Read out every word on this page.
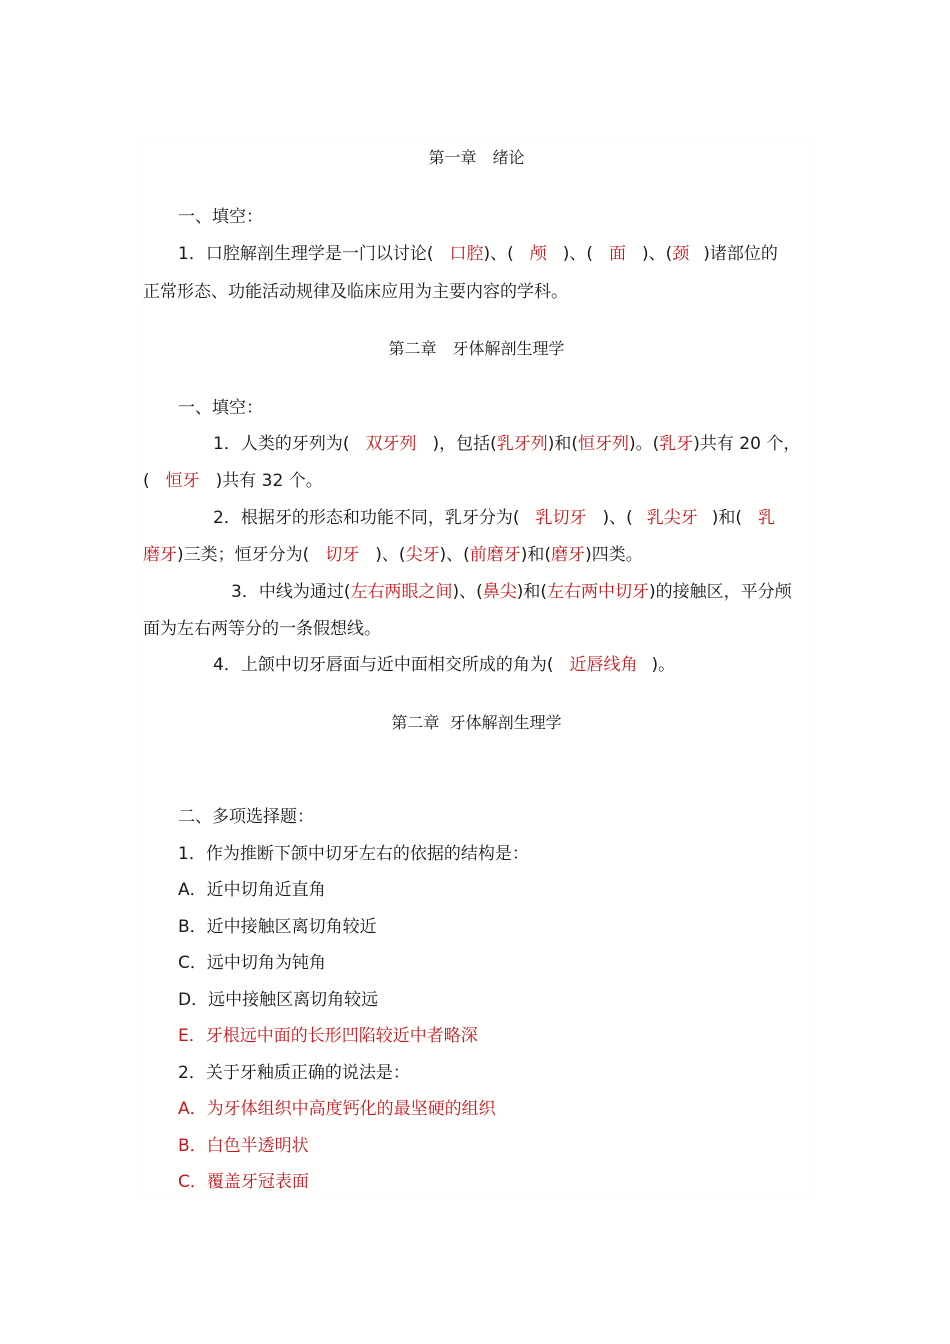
第一章　绪论
一、填空：
1．口腔解剖生理学是一门以讨论( 口腔)、( 颅 )、( 面 )、(颈 )诸部位的
正常形态、功能活动规律及临床应用为主要内容的学科。
第二章　牙体解剖生理学
一、填空：
1．人类的牙列为( 双牙列 )，包括(乳牙列)和(恒牙列)。(乳牙)共有 20 个，
( 恒牙 )共有 32 个。
2．根据牙的形态和功能不同，乳牙分为( 乳切牙 )、( 乳尖牙 )和( 乳
磨牙)三类；恒牙分为( 切牙 )、(尖牙)、(前磨牙)和(磨牙)四类。
3．中线为通过(左右两眼之间)、(鼻尖)和(左右两中切牙)的接触区，平分颅
面为左右两等分的一条假想线。
4．上颌中切牙唇面与近中面相交所成的角为( 近唇线角 )。
第二章  牙体解剖生理学
二、多项选择题：
1．作为推断下颌中切牙左右的依据的结构是：
A．近中切角近直角
B．近中接触区离切角较近
C．远中切角为钝角
D．远中接触区离切角较远
E．牙根远中面的长形凹陷较近中者略深
2．关于牙釉质正确的说法是：
A．为牙体组织中高度钙化的最坚硬的组织
B．白色半透明状
C．覆盖牙冠表面
